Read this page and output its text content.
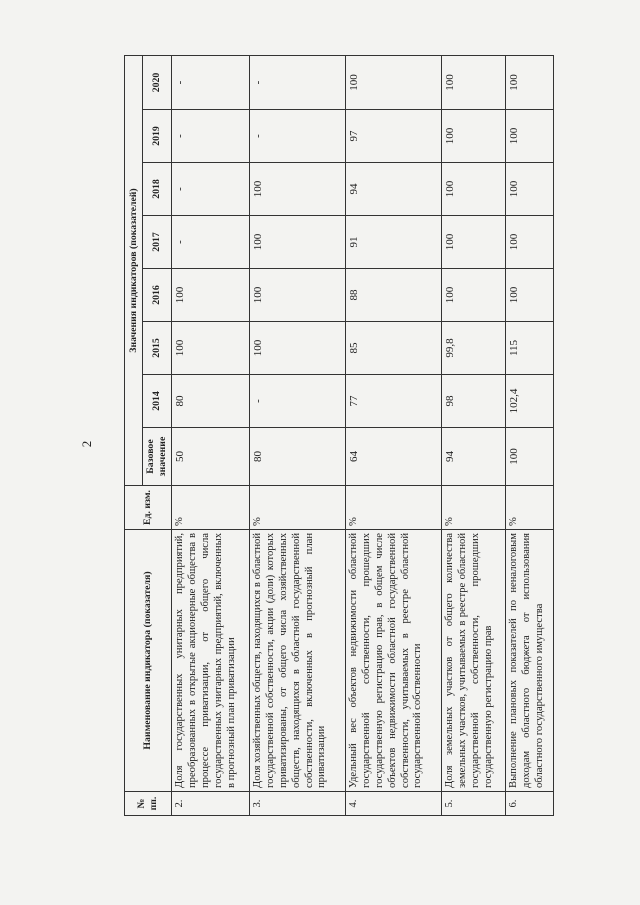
2
№ пп.	Наименование индикатора (показателя)	Ед. изм.	Значения индикаторов (показателей)							
			Базовое значение	2014	2015	2016	2017	2018	2019	2020
2.	Доля государственных унитарных предприятий, преобразованных в открытые акционерные общества в процессе приватизации, от общего числа государственных унитарных предприятий, включенных в прогнозный план приватизации	%	50	80	100	100	-	-	-	-
3.	Доля хозяйственных обществ, находящихся в областной государственной собственности, акции (доли) которых приватизированы, от общего числа хозяйственных обществ, находящихся в областной государственной собственности, включенных в прогнозный план приватизации	%	80	-	100	100	100	100	-	-
4.	Удельный вес объектов недвижимости областной государственной собственности, прошедших государственную регистрацию прав, в общем числе объектов недвижимости областной государственной собственности, учитываемых в реестре областной государственной собственности	%	64	77	85	88	91	94	97	100
5.	Доля земельных участков от общего количества земельных участков, учитываемых в реестре областной государственной собственности, прошедших государственную регистрацию прав	%	94	98	99,8	100	100	100	100	100
6.	Выполнение плановых показателей по неналоговым доходам областного бюджета от использования областного государственного имущества	%	100	102,4	115	100	100	100	100	100
